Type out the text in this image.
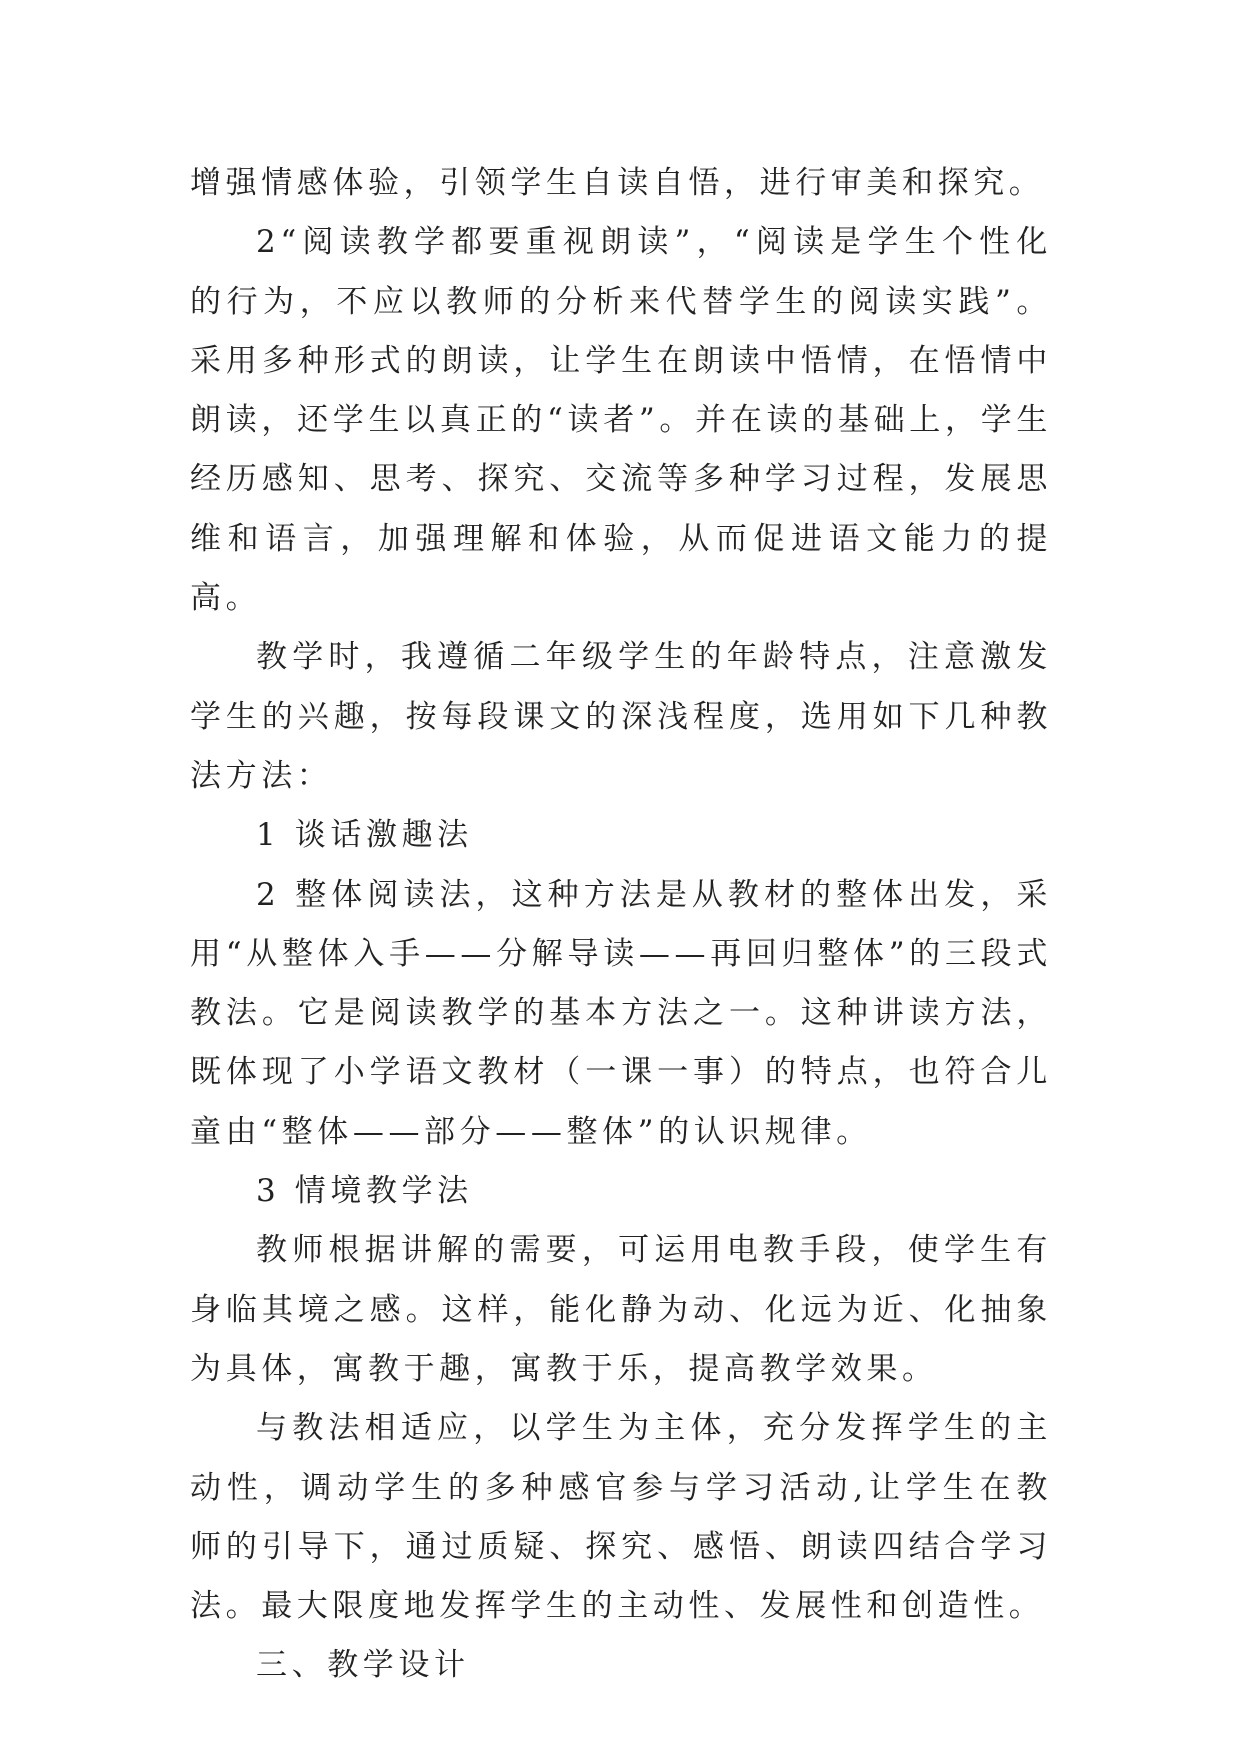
增强情感体验，引领学生自读自悟，进行审美和探究。

2“阅读教学都要重视朗读”，“阅读是学生个性化的行为，不应以教师的分析来代替学生的阅读实践”。采用多种形式的朗读，让学生在朗读中悟情，在悟情中朗读，还学生以真正的“读者”。并在读的基础上，学生经历感知、思考、探究、交流等多种学习过程，发展思维和语言，加强理解和体验，从而促进语文能力的提高。

教学时，我遵循二年级学生的年龄特点，注意激发学生的兴趣，按每段课文的深浅程度，选用如下几种教法方法：

1 谈话激趣法

2 整体阅读法，这种方法是从教材的整体出发，采用“从整体入手——分解导读——再回归整体”的三段式教法。它是阅读教学的基本方法之一。这种讲读方法，既体现了小学语文教材（一课一事）的特点，也符合儿童由“整体——部分——整体”的认识规律。

3 情境教学法

教师根据讲解的需要，可运用电教手段，使学生有身临其境之感。这样，能化静为动、化远为近、化抽象为具体，寓教于趣，寓教于乐，提高教学效果。

与教法相适应，以学生为主体，充分发挥学生的主动性，调动学生的多种感官参与学习活动,让学生在教师的引导下，通过质疑、探究、感悟、朗读四结合学习法。最大限度地发挥学生的主动性、发展性和创造性。

三、教学设计
